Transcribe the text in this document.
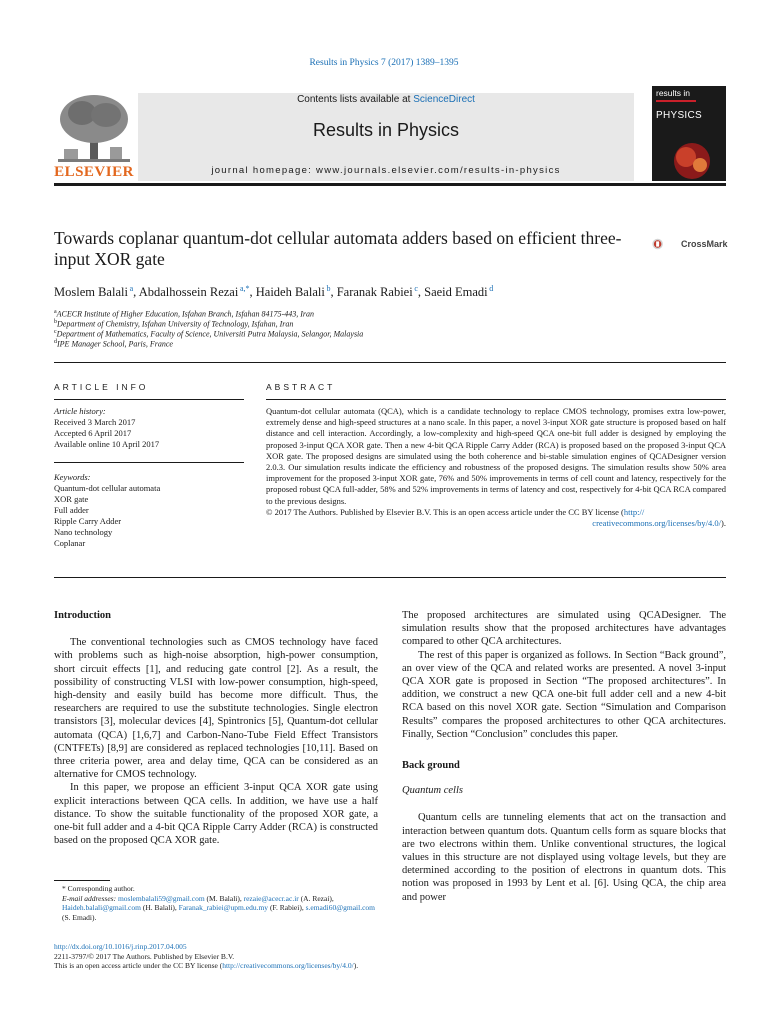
Results in Physics 7 (2017) 1389–1395
ELSEVIER
Contents lists available at ScienceDirect
Results in Physics
journal homepage: www.journals.elsevier.com/results-in-physics
results in
PHYSICS
Towards coplanar quantum-dot cellular automata adders based on efficient three-input XOR gate
CrossMark
Moslem Balali  $^a$, Abdalhossein Rezai  $^{a,*}$, Haideh Balali  $^b$, Faranak Rabiei  $^c$, Saeid Emadi  $^d$
$^a$ACECR Institute of Higher Education, Isfahan Branch, Isfahan 84175-443, Iran
$^b$Department of Chemistry, Isfahan University of Technology, Isfahan, Iran
$^c$Department of Mathematics, Faculty of Science, Universiti Putra Malaysia, Selangor, Malaysia
$^d$IPE Manager School, Paris, France
ARTICLE INFO	ABSTRACT
Article history:
Received 3 March 2017
Accepted 6 April 2017
Available online 10 April 2017
Keywords:
Quantum-dot cellular automata
XOR gate
Full adder
Ripple Carry Adder
Nano technology
Coplanar
Quantum-dot cellular automata (QCA), which is a candidate technology to replace CMOS technology, promises extra low-power, extremely dense and high-speed structures at a nano scale. In this paper, a novel 3-input XOR gate structure is proposed based on half distance and cell interaction. Accordingly, a low-complexity and high-speed QCA one-bit full adder is designed by employing the proposed 3-input QCA XOR gate. Then a new 4-bit QCA Ripple Carry Adder (RCA) is proposed based on the proposed 3-input QCA XOR gate. The proposed designs are simulated using the both coherence and bi-stable simulation engines of QCADesigner version 2.0.3. Our simulation results indicate the efficiency and robustness of the proposed designs. The simulation results show 50% area improvement for the proposed 3-input XOR gate, 76% and 50% improvements in terms of cell count and latency, respectively for the proposed robust QCA full-adder, 58% and 52% improvements in terms of latency and cost, respectively for 4-bit QCA RCA compared to the previous designs.
© 2017 The Authors. Published by Elsevier B.V. This is an open access article under the CC BY license (http://
creativecommons.org/licenses/by/4.0/).
Introduction

The conventional technologies such as CMOS technology have faced with problems such as high-noise absorption, high-power consumption, short circuit effects [1], and reducing gate control [2]. As a result, the possibility of constructing VLSI with low-power consumption, high-speed, high-density and easily build has become more difficult. Thus, the researchers are required to use the substitute technologies. Single electron transistors [3], molecular devices [4], Spintronics [5], Quantum-dot cellular automata (QCA) [1,6,7] and Carbon-Nano-Tube Field Effect Transistors (CNTFETs) [8,9] are considered as replaced technologies [10,11]. Based on three criteria power, area and delay time, QCA can be considered as an alternative for CMOS technology.

In this paper, we propose an efficient 3-input QCA XOR gate using explicit interactions between QCA cells. In addition, we have use a half distance. To show the suitable functionality of the proposed XOR gate, a one-bit full adder and a 4-bit QCA Ripple Carry Adder (RCA) is constructed based on the proposed QCA XOR gate.

* Corresponding author.
E-mail addresses: moslembalali59@gmail.com (M. Balali), rezaie@acecr.ac.ir (A. Rezai), Haideh.balali@gmail.com (H. Balali), Faranak_rabiei@upm.edu.my (F. Rabiei), s.emadi60@gmail.com (S. Emadi).
http://dx.doi.org/10.1016/j.rinp.2017.04.005
2211-3797/© 2017 The Authors. Published by Elsevier B.V.
This is an open access article under the CC BY license (http://creativecommons.org/licenses/by/4.0/).

The proposed architectures are simulated using QCADesigner. The simulation results show that the proposed architectures have advantages compared to other QCA architectures.

The rest of this paper is organized as follows. In Section “Back ground”, an over view of the QCA and related works are presented. A novel 3-input QCA XOR gate is proposed in Section “The proposed architectures”. In addition, we construct a new QCA one-bit full adder cell and a new 4-bit RCA based on this novel XOR gate. Section “Simulation and Comparison Results” compares the proposed architectures to other QCA architectures. Finally, Section “Conclusion” concludes this paper.

Back ground
Quantum cells

Quantum cells are tunneling elements that act on the transaction and interaction between quantum dots. Quantum cells form as square blocks that are two electrons within them. Unlike conventional structures, the logical values in this structure are not displayed using voltage levels, but they are determined according to the position of electrons in quantum dots. This notion was proposed in 1993 by Lent et al. [6]. Using QCA, the chip area and power
